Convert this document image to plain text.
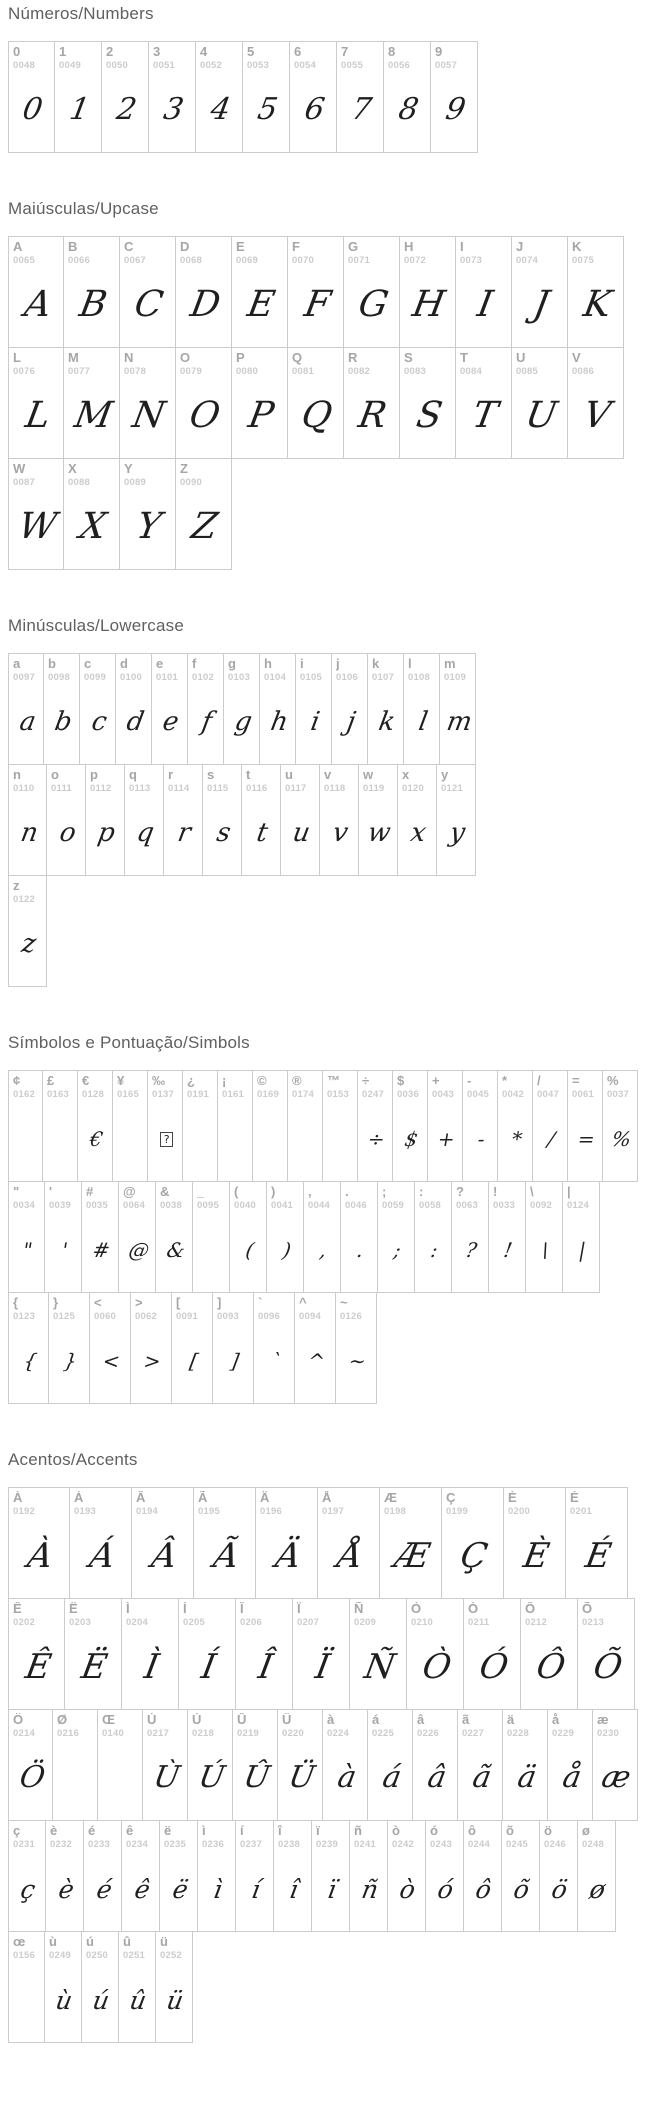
Números/Numbers
0
0048
0
1
0049
1
2
0050
2
3
0051
3
4
0052
4
5
0053
5
6
0054
6
7
0055
7
8
0056
8
9
0057
9
Maiúsculas/Upcase
A
0065
A
B
0066
B
C
0067
C
D
0068
D
E
0069
E
F
0070
F
G
0071
G
H
0072
H
I
0073
I
J
0074
J
K
0075
K
L
0076
L
M
0077
M
N
0078
N
O
0079
O
P
0080
P
Q
0081
Q
R
0082
R
S
0083
S
T
0084
T
U
0085
U
V
0086
V
W
0087
W
X
0088
X
Y
0089
Y
Z
0090
Z
Minúsculas/Lowercase
a
0097
a
b
0098
b
c
0099
c
d
0100
d
e
0101
e
f
0102
f
g
0103
g
h
0104
h
i
0105
i
j
0106
j
k
0107
k
l
0108
l
m
0109
m
n
0110
n
o
0111
o
p
0112
p
q
0113
q
r
0114
r
s
0115
s
t
0116
t
u
0117
u
v
0118
v
w
0119
w
x
0120
x
y
0121
y
z
0122
z
Símbolos e Pontuação/Simbols
¢
0162
£
0163
€
0128
€
¥
0165
‰
0137
?
¿
0191
¡
0161
©
0169
®
0174
™
0153
÷
0247
÷
$
0036
$
+
0043
+
-
0045
-
*
0042
*
/
0047
/
=
0061
=
%
0037
%
"
0034
"
'
0039
'
#
0035
#
@
0064
@
&
0038
&
_
0095
(
0040
(
)
0041
)
,
0044
,
.
0046
.
;
0059
;
:
0058
:
?
0063
?
!
0033
!
\
0092
\
|
0124
|
{
0123
{
}
0125
}
<
0060
<
>
0062
>
[
0091
[
]
0093
]
`
0096
`
^
0094
^
~
0126
~
Acentos/Accents
À
0192
À
Á
0193
Á
Â
0194
Â
Ã
0195
Ã
Ä
0196
Ä
Å
0197
Å
Æ
0198
Æ
Ç
0199
Ç
È
0200
È
É
0201
É
Ê
0202
Ê
Ë
0203
Ë
Ì
0204
Ì
Í
0205
Í
Î
0206
Î
Ï
0207
Ï
Ñ
0209
Ñ
Ò
0210
Ò
Ó
0211
Ó
Ô
0212
Ô
Õ
0213
Õ
Ö
0214
Ö
Ø
0216
Œ
0140
Ù
0217
Ù
Ú
0218
Ú
Û
0219
Û
Ü
0220
Ü
à
0224
à
á
0225
á
â
0226
â
ã
0227
ã
ä
0228
ä
å
0229
å
æ
0230
æ
ç
0231
ç
è
0232
è
é
0233
é
ê
0234
ê
ë
0235
ë
ì
0236
ì
í
0237
í
î
0238
î
ï
0239
ï
ñ
0241
ñ
ò
0242
ò
ó
0243
ó
ô
0244
ô
õ
0245
õ
ö
0246
ö
ø
0248
ø
œ
0156
ù
0249
ù
ú
0250
ú
û
0251
û
ü
0252
ü
